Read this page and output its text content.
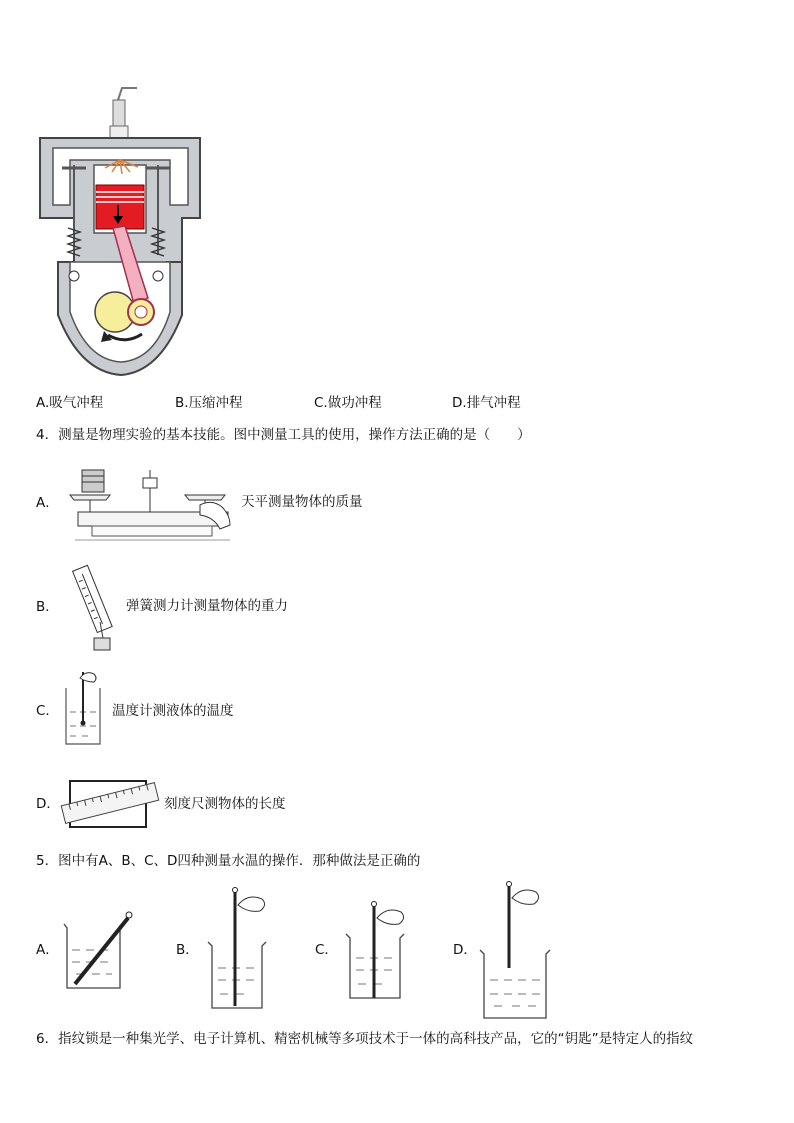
A.吸气冲程	B.压缩冲程	C.做功冲程	D.排气冲程
4．测量是物理实验的基本技能。图中测量工具的使用，操作方法正确的是（　　）
A．	天平测量物体的质量
B．	弹簧测力计测量物体的重力
C．	温度计测液体的温度
D．	刻度尺测物体的长度
5．图中有A、B、C、D四种测量水温的操作．那种做法是正确的
A．	B．	C．	D．
6．指纹锁是一种集光学、电子计算机、精密机械等多项技术于一体的高科技产品，它的“钥匙”是特定人的指纹
